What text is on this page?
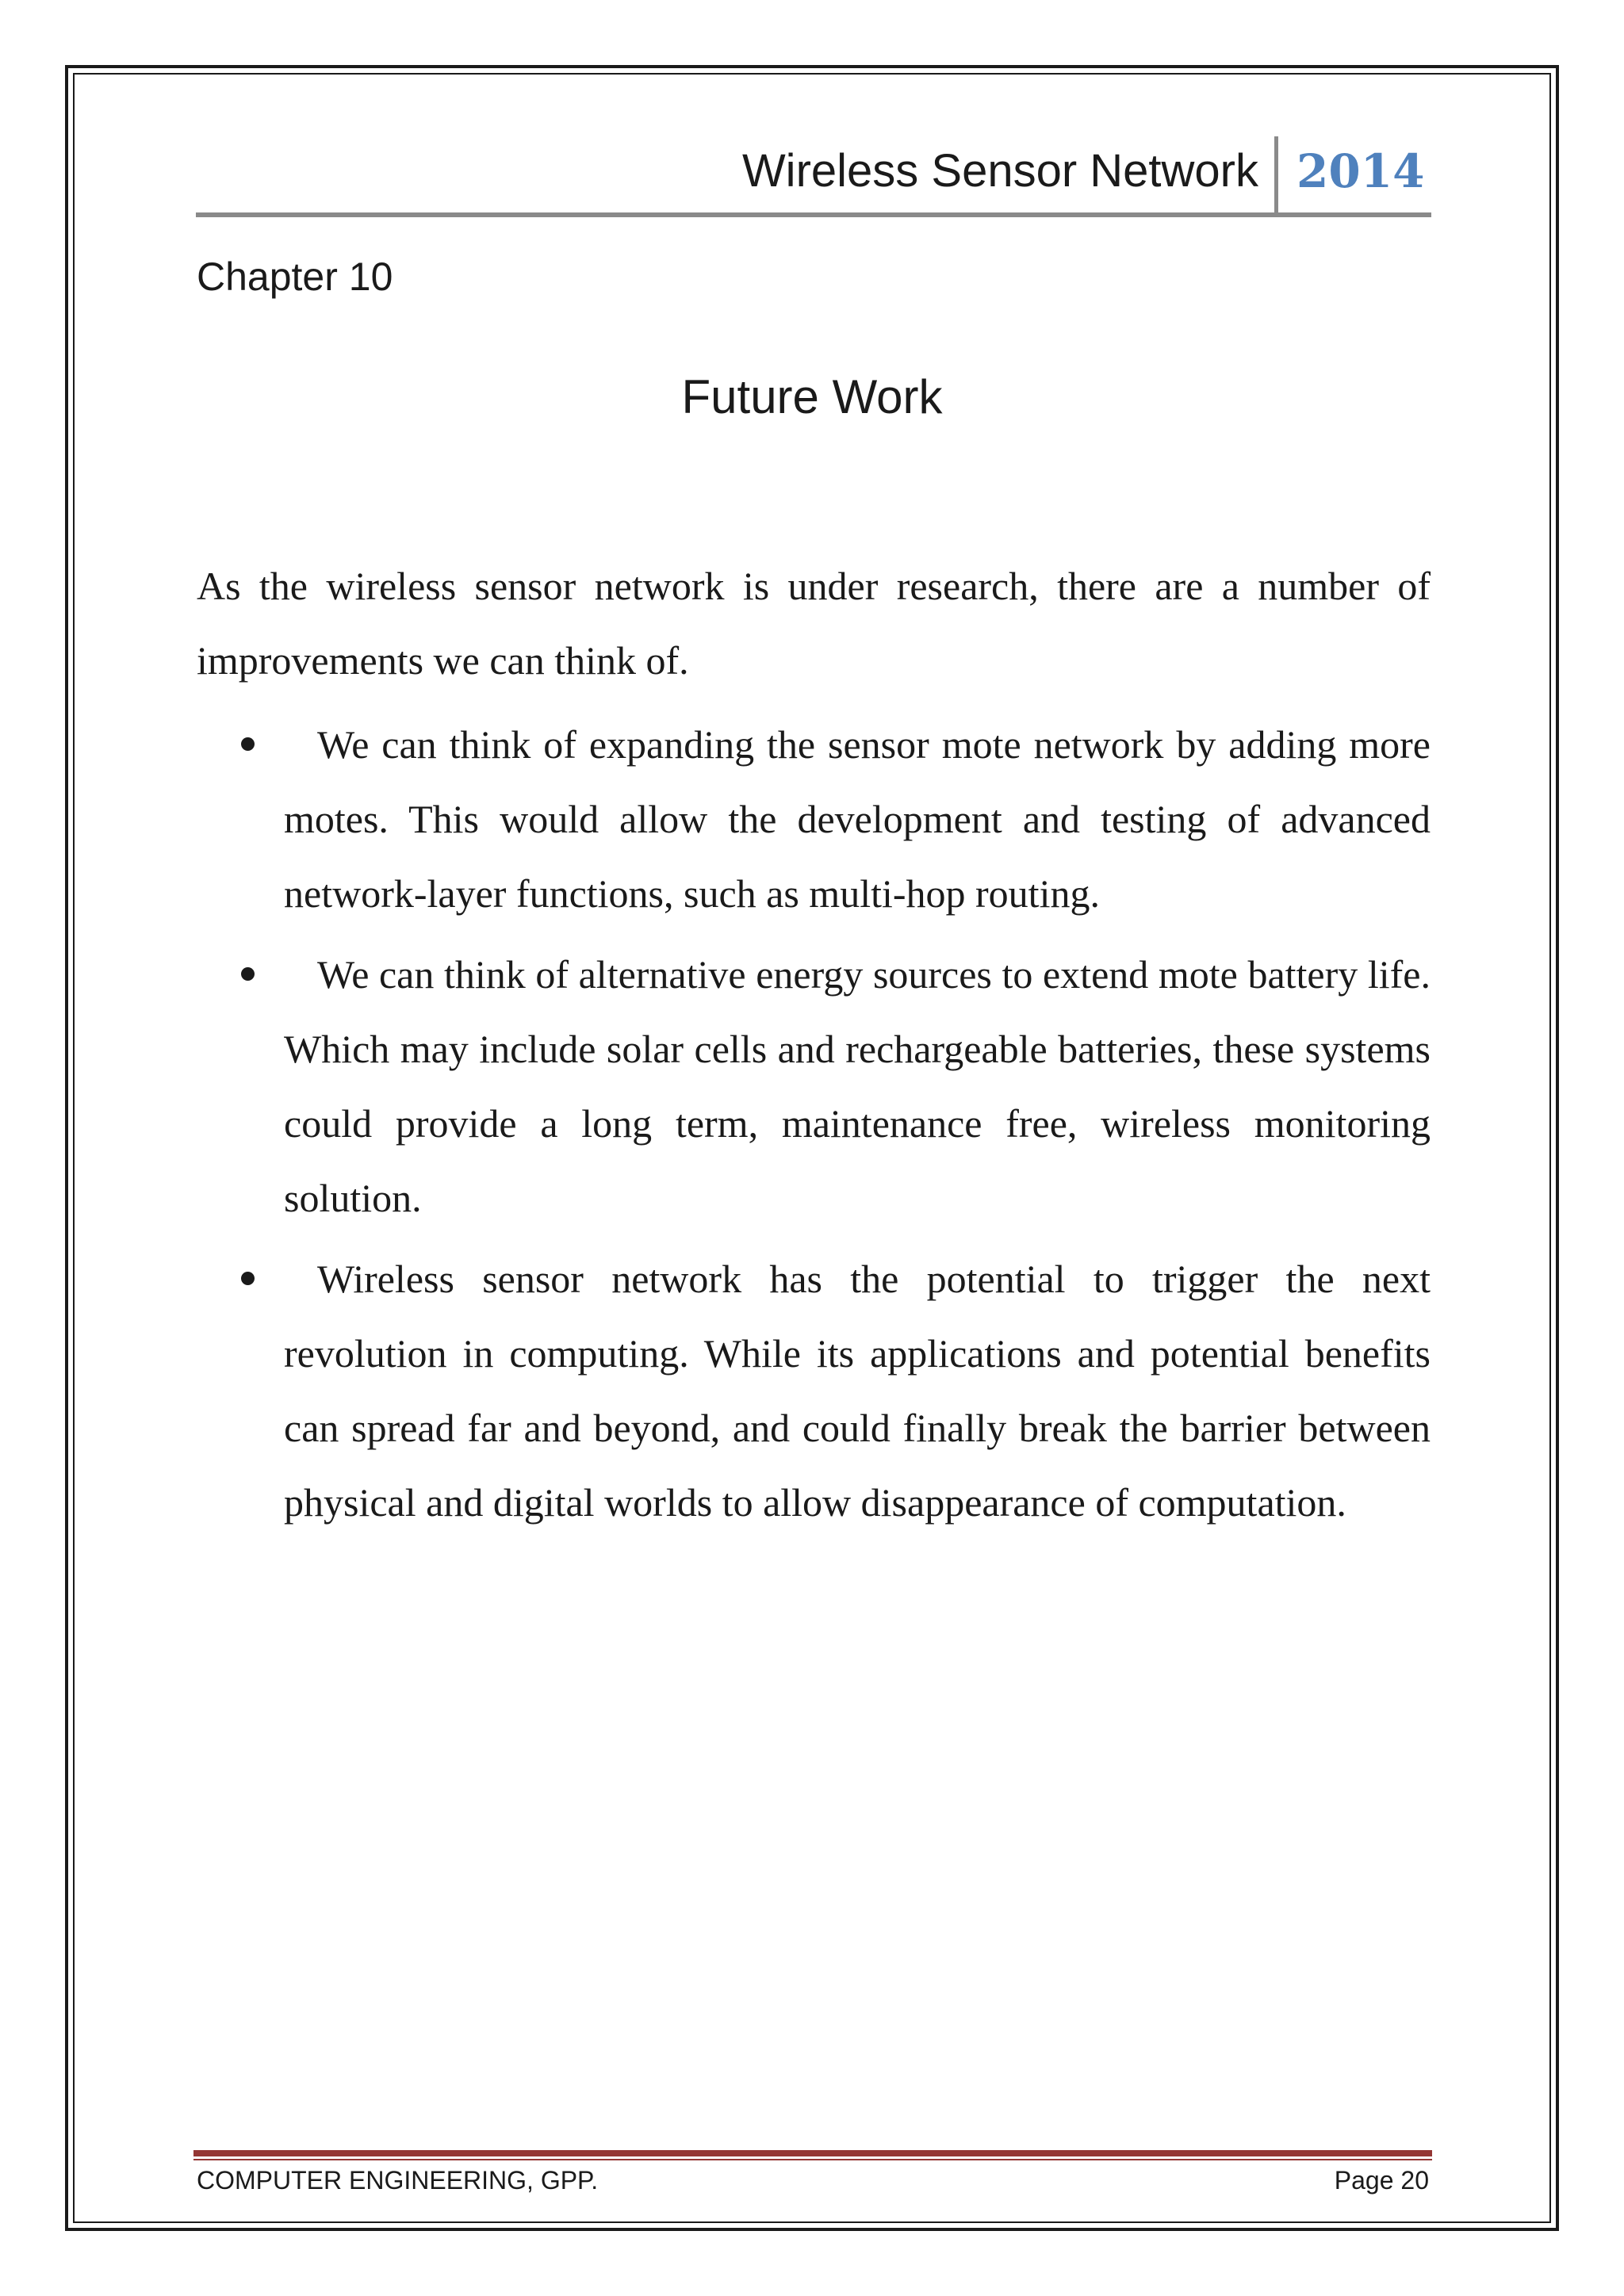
Wireless Sensor Network 2014
Chapter 10
Future Work
As the wireless sensor network is under research, there are a number of improvements we can think of.
We can think of expanding the sensor mote network by adding more motes. This would allow the development and testing of advanced network-layer functions, such as multi-hop routing.
We can think of alternative energy sources to extend mote battery life. Which may include solar cells and rechargeable batteries, these systems could provide a long term, maintenance free, wireless monitoring solution.
Wireless sensor network has the potential to trigger the next revolution in computing. While its applications and potential benefits can spread far and beyond, and could finally break the barrier between physical and digital worlds to allow disappearance of computation.
COMPUTER ENGINEERING, GPP.	Page 20
